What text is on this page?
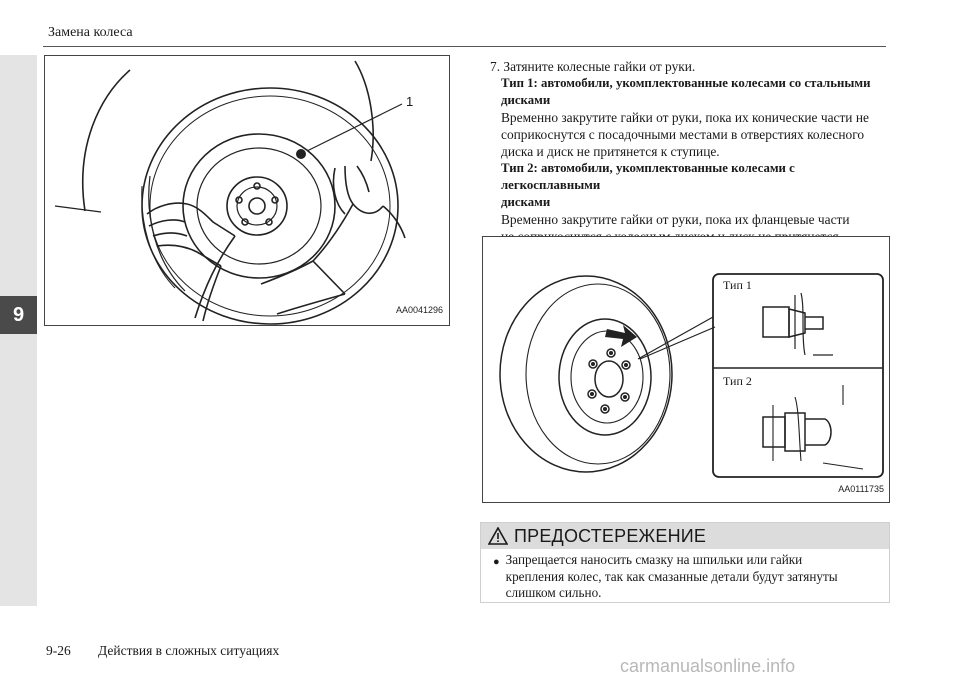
9
Замена колеса
1
AA0041296

7. Затяните колесные гайки от руки.

Тип 1: автомобили, укомплектованные колесами со стальными

дисками

Временно закрутите гайки от руки, пока их конические части не

соприкоснутся с посадочными местами в отверстиях колесного

диска и диск не притянется к ступице.

Тип 2: автомобили, укомплектованные колесами с легкосплавными

дисками

Временно закрутите гайки от руки, пока их фланцевые части

Тип 1
Тип 2
AA0111735
ПРЕДОСТЕРЕЖЕНИЕ
● Запрещается наносить смазку на шпильки или гайки
крепления колес, так как смазанные детали будут затянуты
слишком сильно.
9-26 Действия в сложных ситуациях
carmanualsonline.info
